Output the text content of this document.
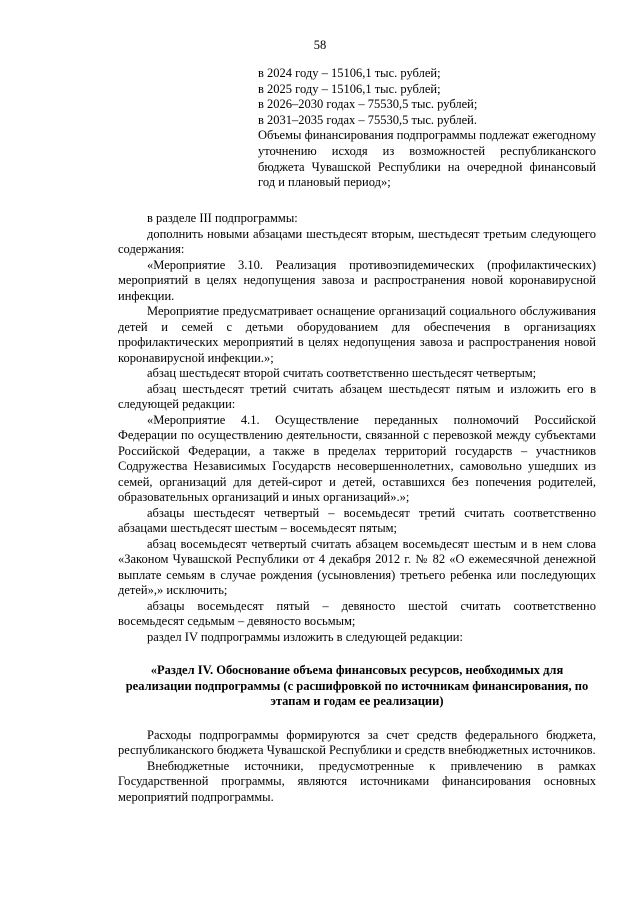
58
в 2024 году – 15106,1 тыс. рублей;
в 2025 году – 15106,1 тыс. рублей;
в 2026–2030 годах – 75530,5 тыс. рублей;
в 2031–2035 годах – 75530,5 тыс. рублей.

Объемы финансирования подпрограммы подлежат ежегодному уточнению исходя из возможностей республиканского бюджета Чувашской Республики на очередной финансовый год и плановый период»;

в разделе III подпрограммы:

дополнить новыми абзацами шестьдесят вторым, шестьдесят третьим следующего содержания:

«Мероприятие 3.10. Реализация противоэпидемических (профилактических) мероприятий в целях недопущения завоза и распространения новой коронавирусной инфекции.

Мероприятие предусматривает оснащение организаций социального обслуживания детей и семей с детьми оборудованием для обеспечения в организациях профилактических мероприятий в целях недопущения завоза и распространения новой коронавирусной инфекции.»;

абзац шестьдесят второй считать соответственно шестьдесят четвертым;

абзац шестьдесят третий считать абзацем шестьдесят пятым и изложить его в следующей редакции:

«Мероприятие 4.1. Осуществление переданных полномочий Российской Федерации по осуществлению деятельности, связанной с перевозкой между субъектами Российской Федерации, а также в пределах территорий государств – участников Содружества Независимых Государств несовершеннолетних, самовольно ушедших из семей, организаций для детей-сирот и детей, оставшихся без попечения родителей, образовательных организаций и иных организаций».»;

абзацы шестьдесят четвертый – восемьдесят третий считать соответственно абзацами шестьдесят шестым – восемьдесят пятым;

абзац восемьдесят четвертый считать абзацем восемьдесят шестым и в нем слова «Законом Чувашской Республики от 4 декабря 2012 г. № 82 «О ежемесячной денежной выплате семьям в случае рождения (усыновления) третьего ребенка или последующих детей»,» исключить;

абзацы восемьдесят пятый – девяносто шестой считать соответственно восемьдесят седьмым – девяносто восьмым;

раздел IV подпрограммы изложить в следующей редакции:

«Раздел IV. Обоснование объема финансовых ресурсов, необходимых для реализации подпрограммы (с расшифровкой по источникам финансирования, по этапам и годам ее реализации)

Расходы подпрограммы формируются за счет средств федерального бюджета, республиканского бюджета Чувашской Республики и средств внебюджетных источников.

Внебюджетные источники, предусмотренные к привлечению в рамках Государственной программы, являются источниками финансирования основных мероприятий подпрограммы.
